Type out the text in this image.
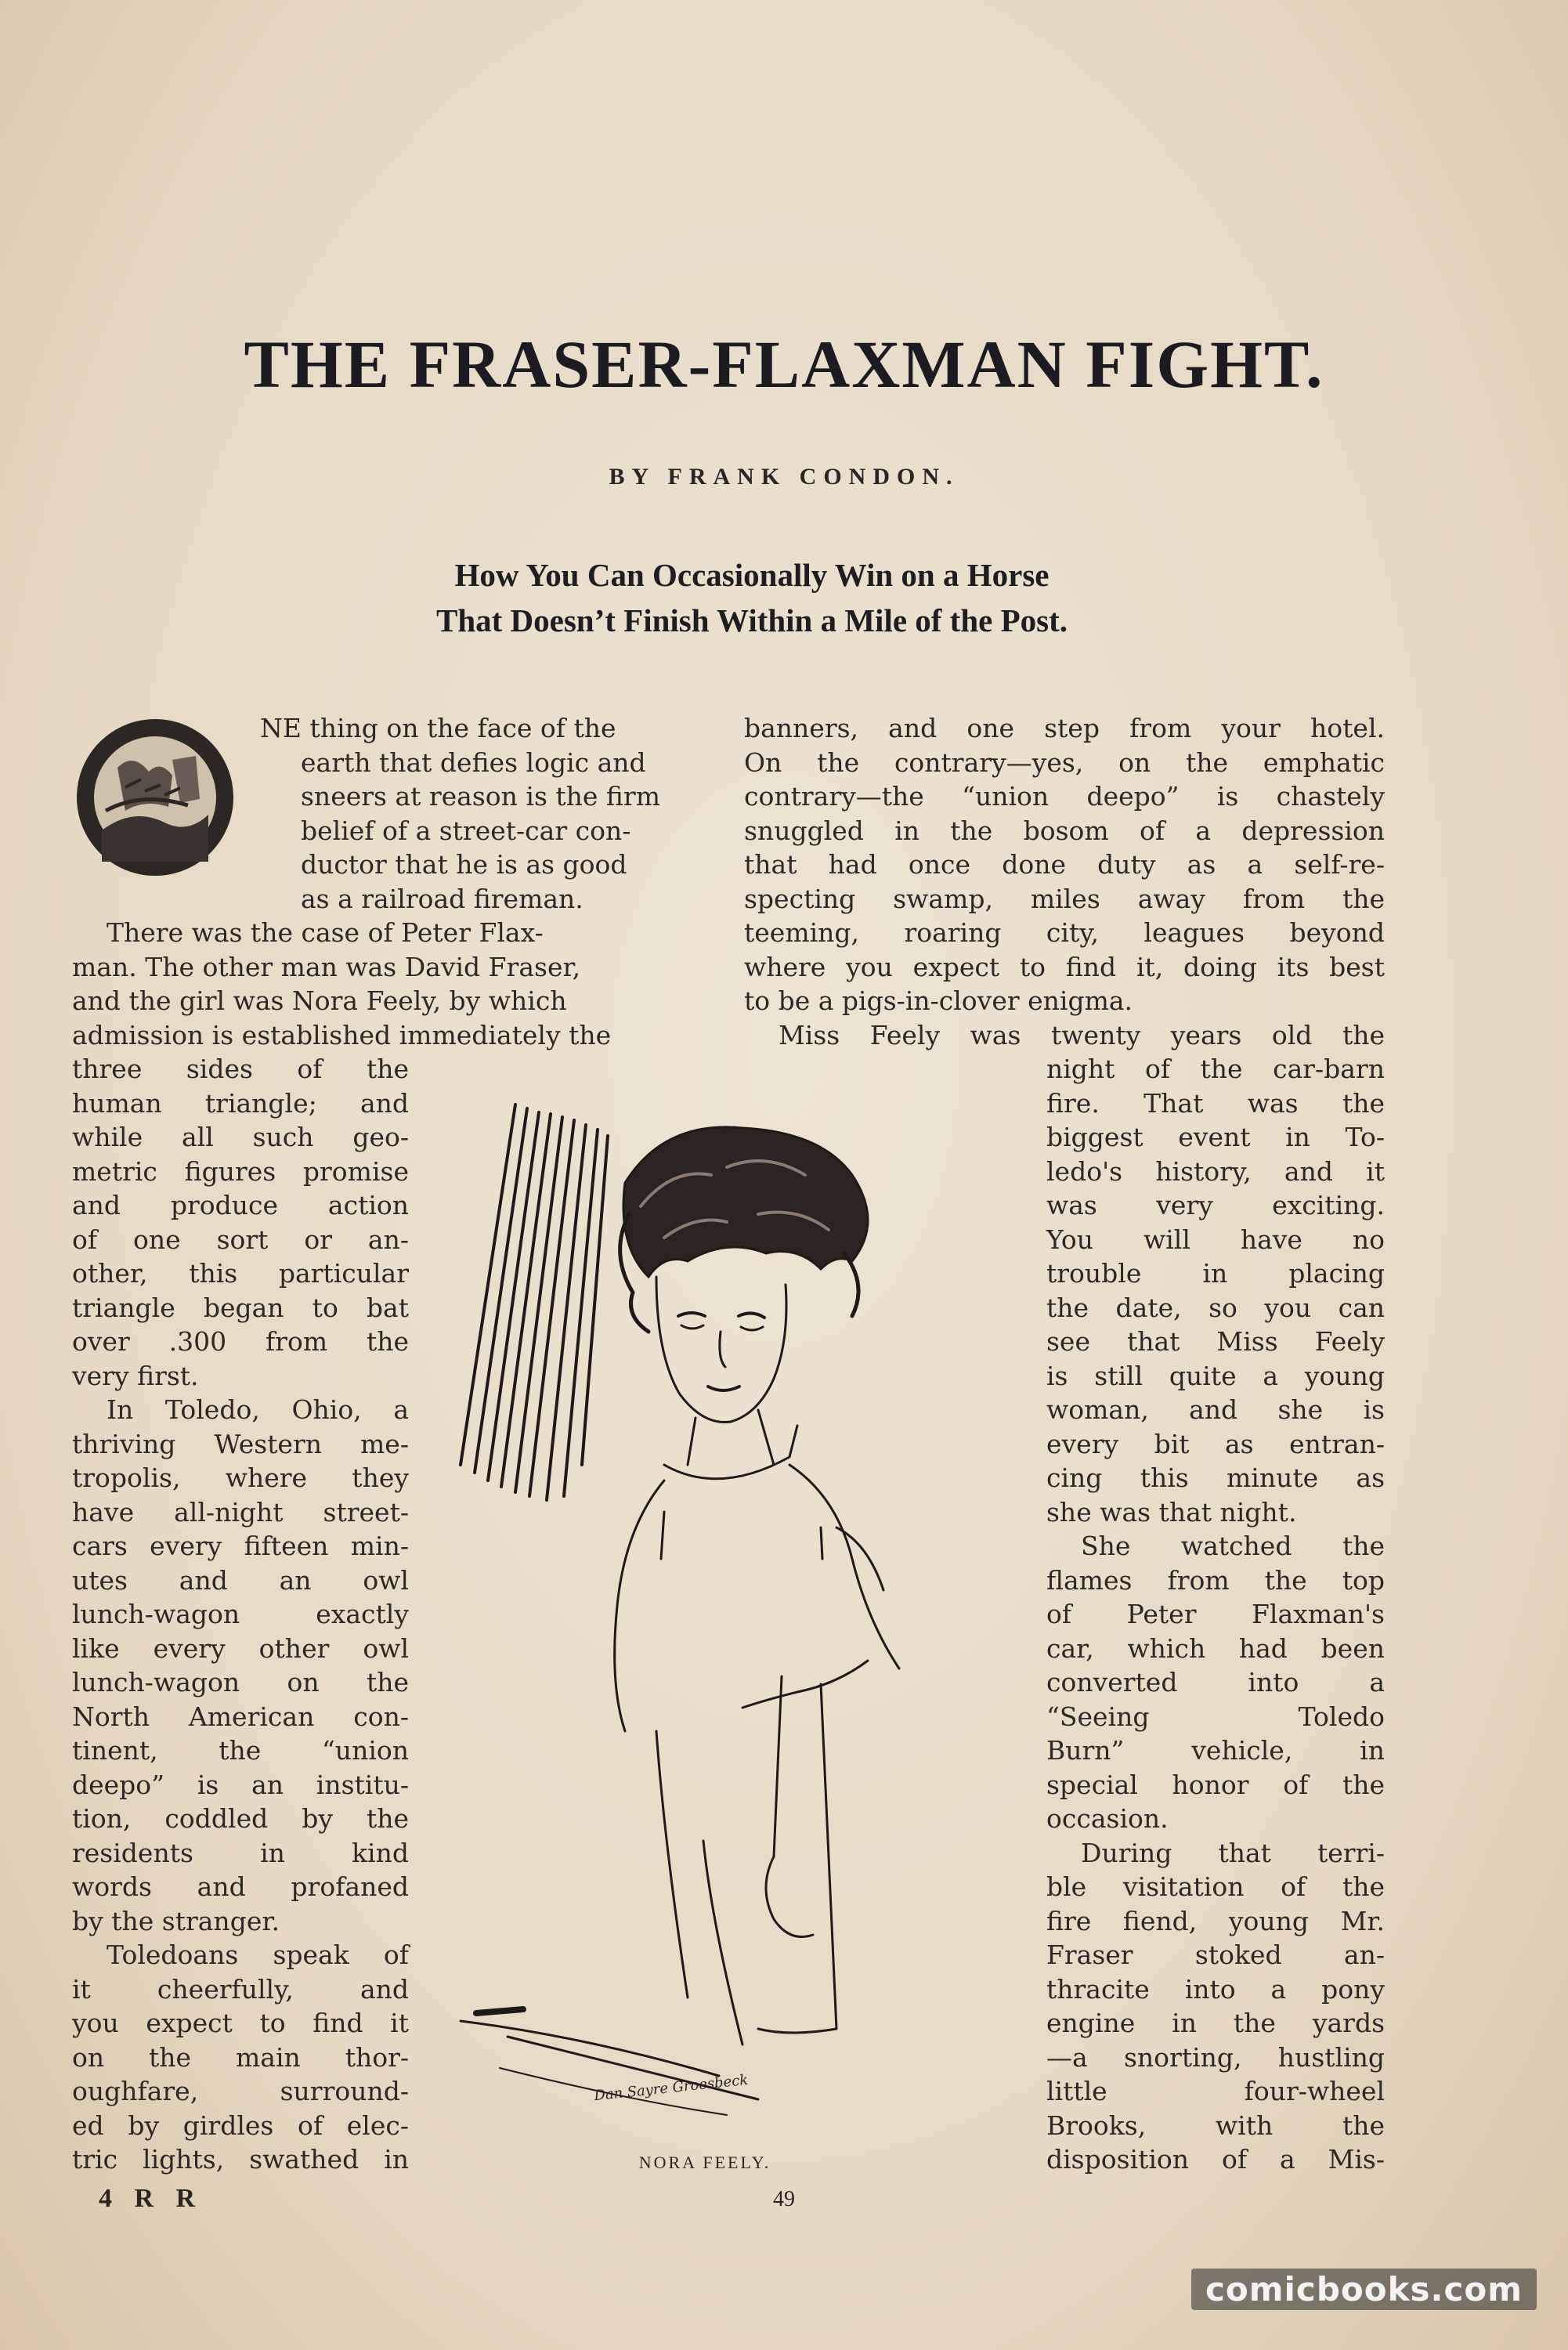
THE FRASER-FLAXMAN FIGHT.
BY FRANK CONDON.
How You Can Occasionally Win on a Horse
That Doesn’t Finish Within a Mile of the Post.
NE thing on the face of the
earth that defies logic and
sneers at reason is the firm
belief of a street-car con-
ductor that he is as good
as a railroad fireman.
There was the case of Peter Flax-
man. The other man was David Fraser,
and the girl was Nora Feely, by which
admission is established immediately the
three sides of the
human triangle; and
while all such geo-
metric figures promise
and produce action
of one sort or an-
other, this particular
triangle began to bat
over .300 from the
very first.
In Toledo, Ohio, a
thriving Western me-
tropolis, where they
have all-night street-
cars every fifteen min-
utes and an owl
lunch-wagon exactly
like every other owl
lunch-wagon on the
North American con-
tinent, the “union
deepo” is an institu-
tion, coddled by the
residents in kind
words and profaned
by the stranger.
Toledoans speak of
it cheerfully, and
you expect to find it
on the main thor-
oughfare, surround-
ed by girdles of elec-
tric lights, swathed in
banners, and one step from your hotel.
On the contrary—yes, on the emphatic
contrary—the “union deepo” is chastely
snuggled in the bosom of a depression
that had once done duty as a self-re-
specting swamp, miles away from the
teeming, roaring city, leagues beyond
where you expect to find it, doing its best
to be a pigs-in-clover enigma.
Miss Feely was twenty years old the
night of the car-barn
fire. That was the
biggest event in To-
ledo's history, and it
was very exciting.
You will have no
trouble in placing
the date, so you can
see that Miss Feely
is still quite a young
woman, and she is
every bit as entran-
cing this minute as
she was that night.
She watched the
flames from the top
of Peter Flaxman's
car, which had been
converted into a
“Seeing Toledo
Burn” vehicle, in
special honor of the
occasion.
During that terri-
ble visitation of the
fire fiend, young Mr.
Fraser stoked an-
thracite into a pony
engine in the yards
—a snorting, hustling
little four-wheel
Brooks, with the
disposition of a Mis-
Dan Sayre Groesbeck
NORA FEELY.
4 R R	49
comicbooks.com
